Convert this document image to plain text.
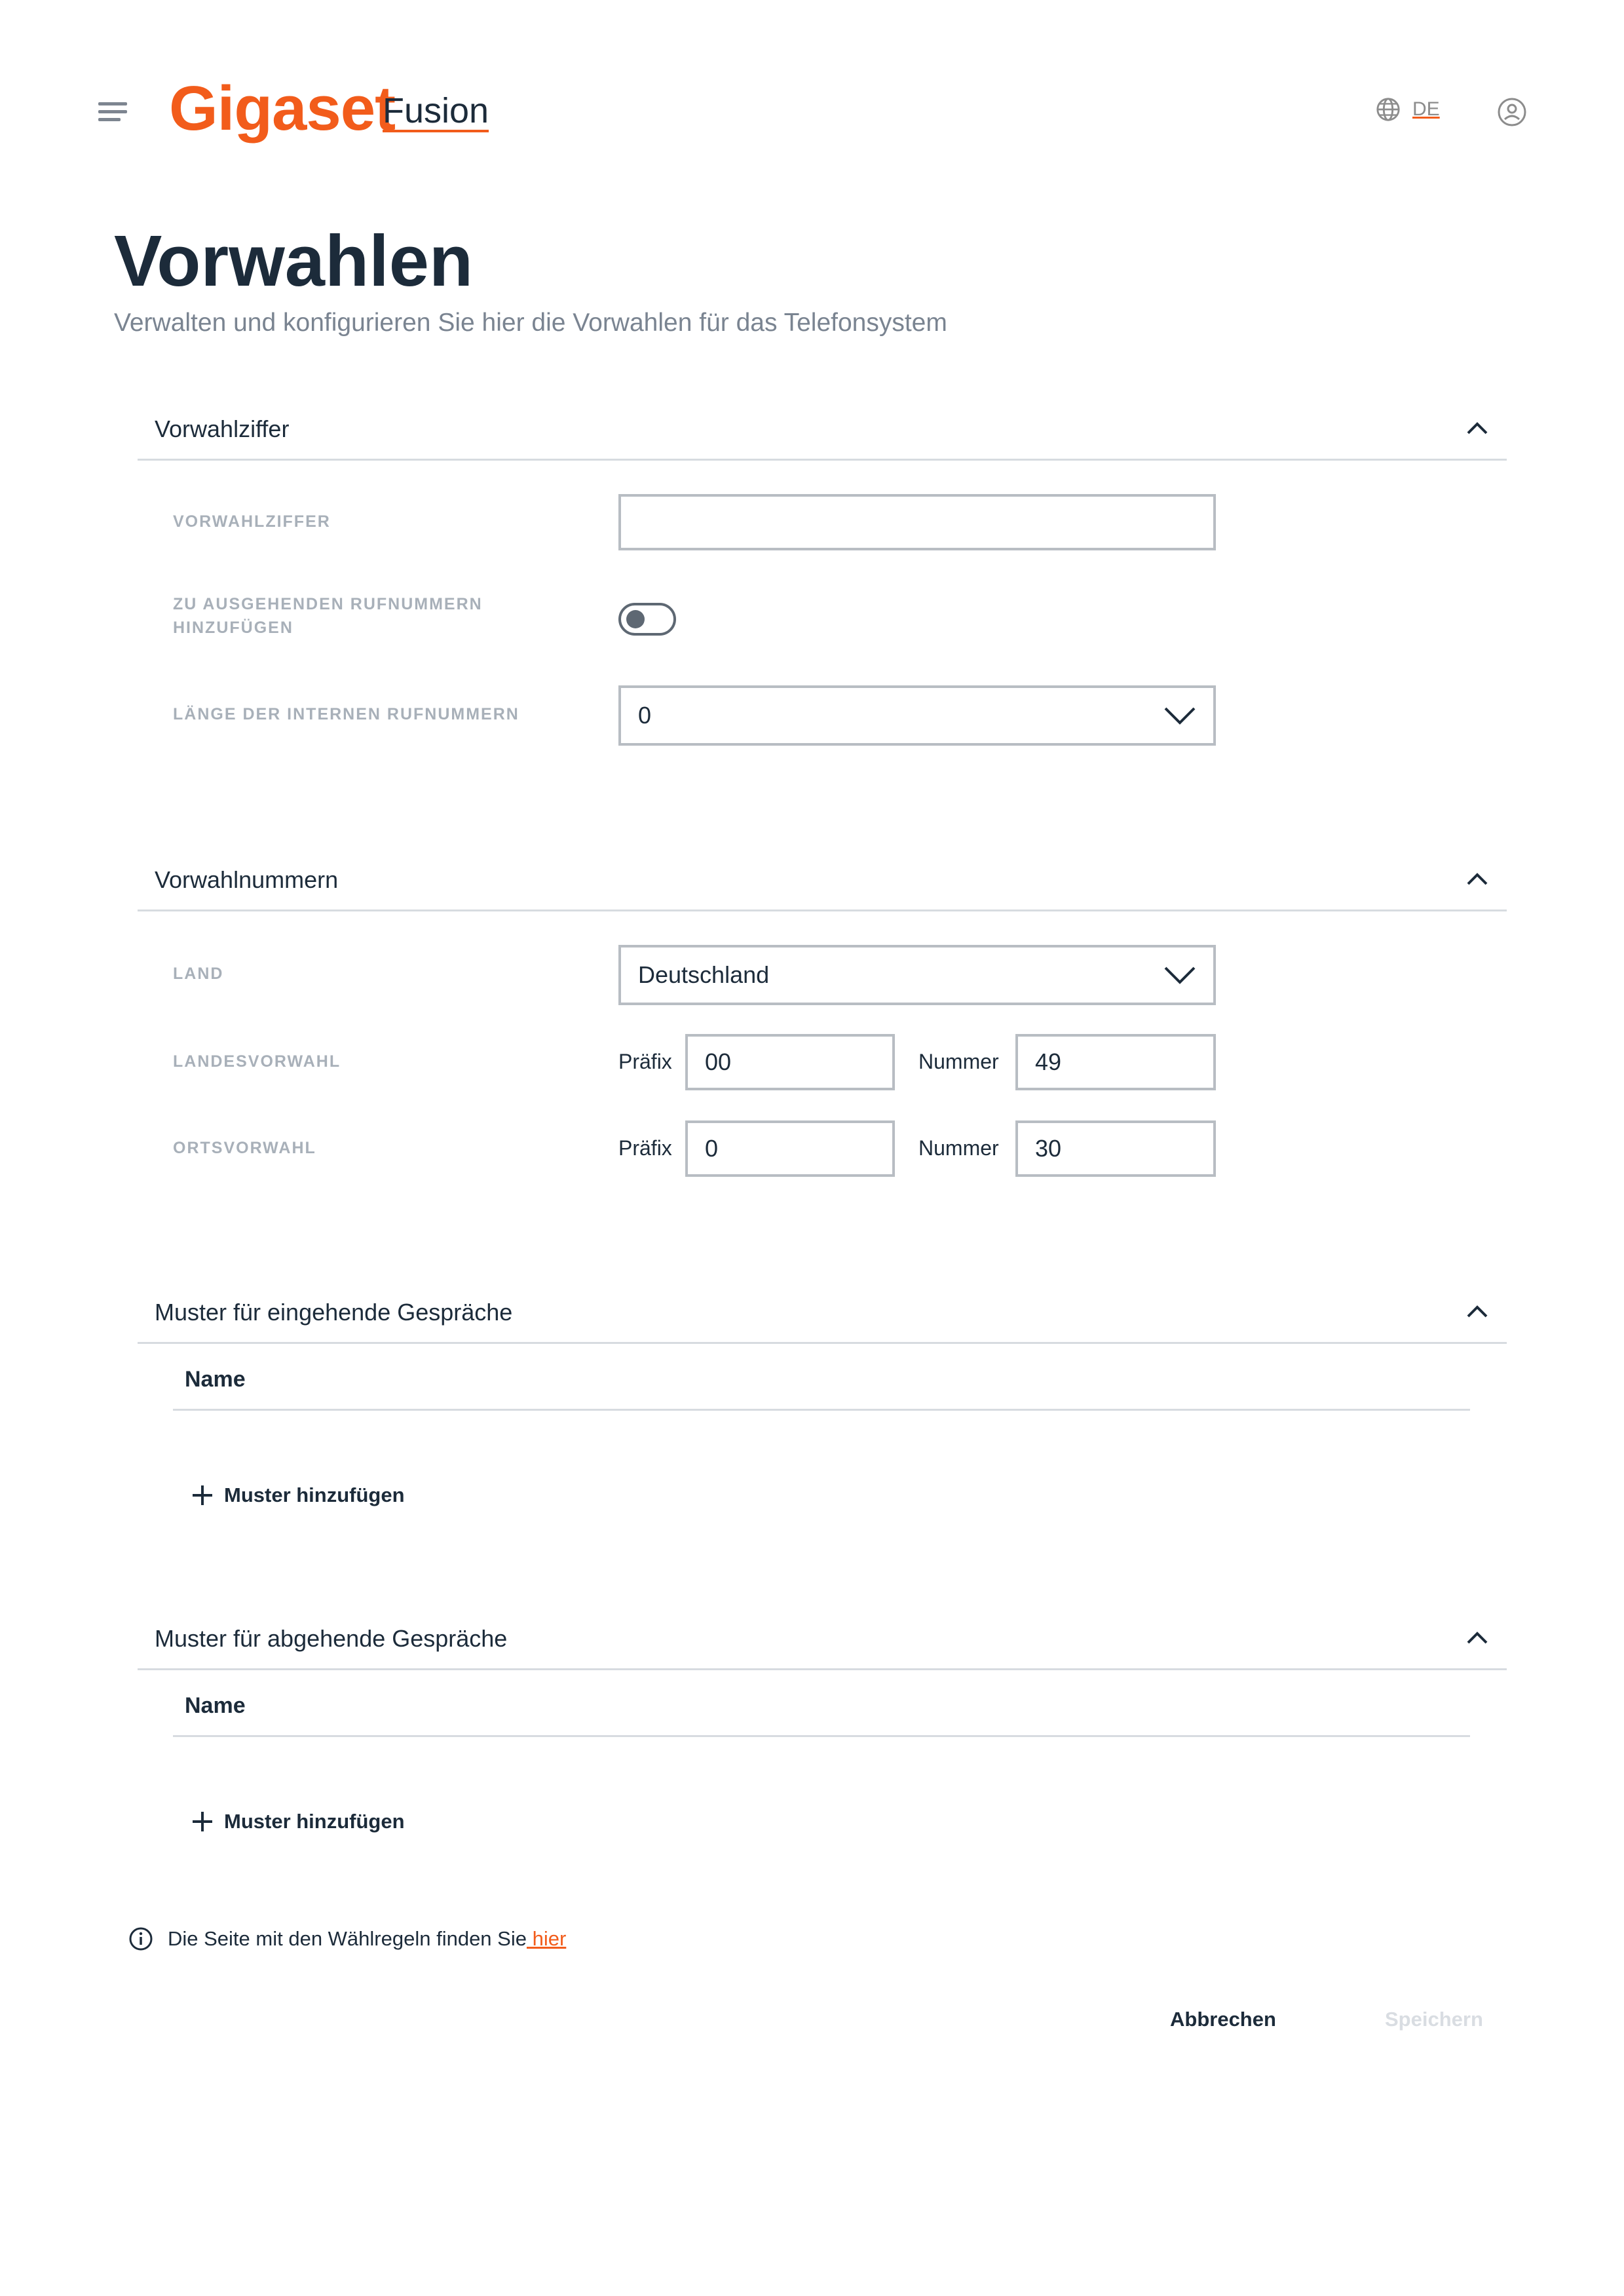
Gigaset
Fusion	DE
Vorwahlen
Verwalten und konfigurieren Sie hier die Vorwahlen für das Telefonsystem
Vorwahlziffer
VORWAHLZIFFER
ZU AUSGEHENDEN RUFNUMMERN
HINZUFÜGEN
LÄNGE DER INTERNEN RUFNUMMERN	0
Vorwahlnummern
LAND	Deutschland
LANDESVORWAHL	Präfix	00	Nummer	49
ORTSVORWAHL	Präfix	0	Nummer	30
Muster für eingehende Gespräche
Name
Muster hinzufügen
Muster für abgehende Gespräche
Name
Muster hinzufügen
Die Seite mit den Wählregeln finden Sie hier
Abbrechen	Speichern
